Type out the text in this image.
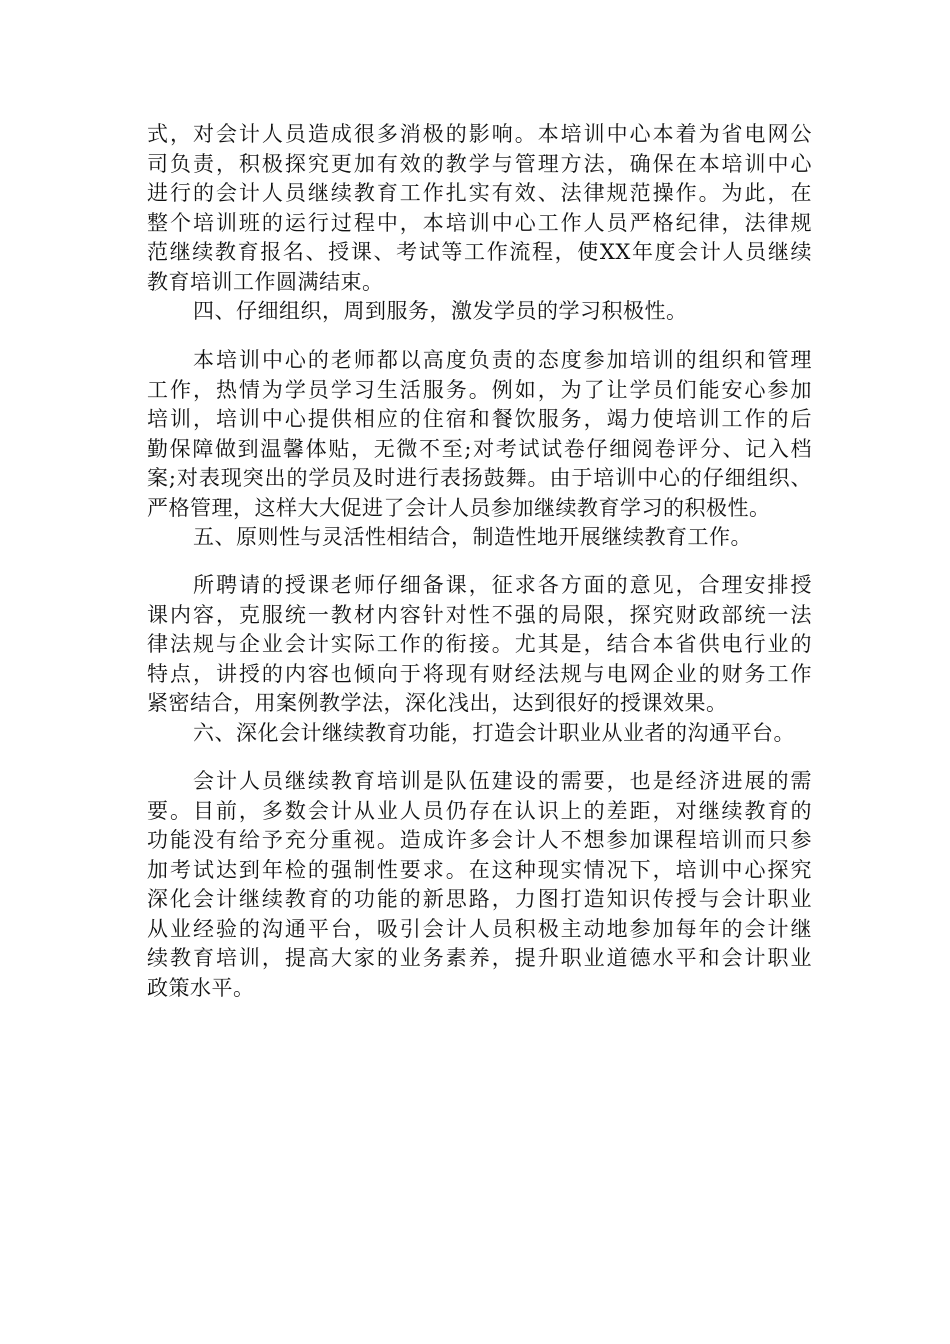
式，对会计人员造成很多消极的影响。本培训中心本着为省电网公
司负责，积极探究更加有效的教学与管理方法，确保在本培训中心
进行的会计人员继续教育工作扎实有效、法律规范操作。为此，在
整个培训班的运行过程中，本培训中心工作人员严格纪律，法律规
范继续教育报名、授课、考试等工作流程，使XX年度会计人员继续
教育培训工作圆满结束。
四、仔细组织，周到服务，激发学员的学习积极性。
本培训中心的老师都以高度负责的态度参加培训的组织和管理
工作，热情为学员学习生活服务。例如，为了让学员们能安心参加
培训，培训中心提供相应的住宿和餐饮服务，竭力使培训工作的后
勤保障做到温馨体贴，无微不至;对考试试卷仔细阅卷评分、记入档
案;对表现突出的学员及时进行表扬鼓舞。由于培训中心的仔细组织、
严格管理，这样大大促进了会计人员参加继续教育学习的积极性。
五、原则性与灵活性相结合，制造性地开展继续教育工作。
所聘请的授课老师仔细备课，征求各方面的意见，合理安排授
课内容，克服统一教材内容针对性不强的局限，探究财政部统一法
律法规与企业会计实际工作的衔接。尤其是，结合本省供电行业的
特点，讲授的内容也倾向于将现有财经法规与电网企业的财务工作
紧密结合，用案例教学法，深化浅出，达到很好的授课效果。
六、深化会计继续教育功能，打造会计职业从业者的沟通平台。
会计人员继续教育培训是队伍建设的需要，也是经济进展的需
要。目前，多数会计从业人员仍存在认识上的差距，对继续教育的
功能没有给予充分重视。造成许多会计人不想参加课程培训而只参
加考试达到年检的强制性要求。在这种现实情况下，培训中心探究
深化会计继续教育的功能的新思路，力图打造知识传授与会计职业
从业经验的沟通平台，吸引会计人员积极主动地参加每年的会计继
续教育培训，提高大家的业务素养，提升职业道德水平和会计职业
政策水平。
